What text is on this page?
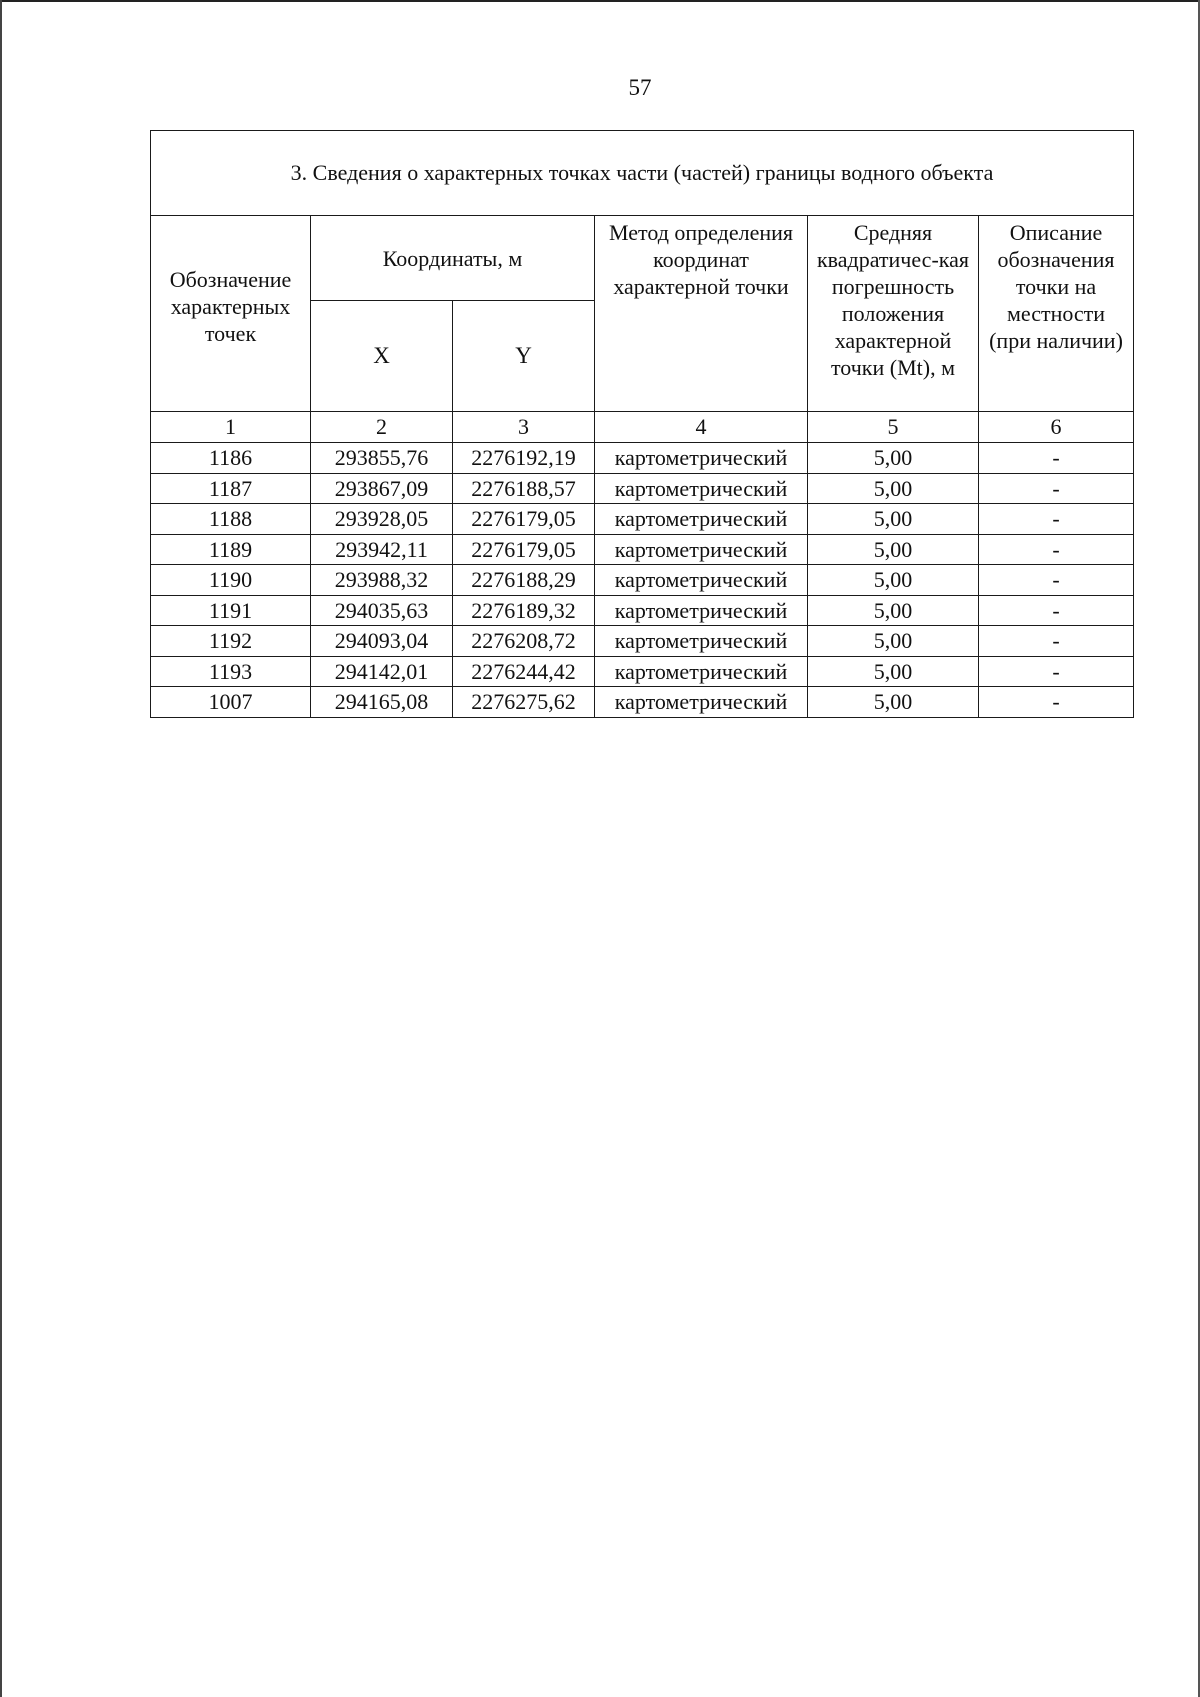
57
3. Сведения о характерных точках части (частей) границы водного объекта					
Обозначение характерных точек	Координаты, м		Метод определения координат характерной точки	Средняя квадратичес-кая погрешность положения характерной точки (Mt), м	Описание обозначения точки на местности (при наличии)
	X	Y			
1	2	3	4	5	6
1186	293855,76	2276192,19	картометрический	5,00	-
1187	293867,09	2276188,57	картометрический	5,00	-
1188	293928,05	2276179,05	картометрический	5,00	-
1189	293942,11	2276179,05	картометрический	5,00	-
1190	293988,32	2276188,29	картометрический	5,00	-
1191	294035,63	2276189,32	картометрический	5,00	-
1192	294093,04	2276208,72	картометрический	5,00	-
1193	294142,01	2276244,42	картометрический	5,00	-
1007	294165,08	2276275,62	картометрический	5,00	-
